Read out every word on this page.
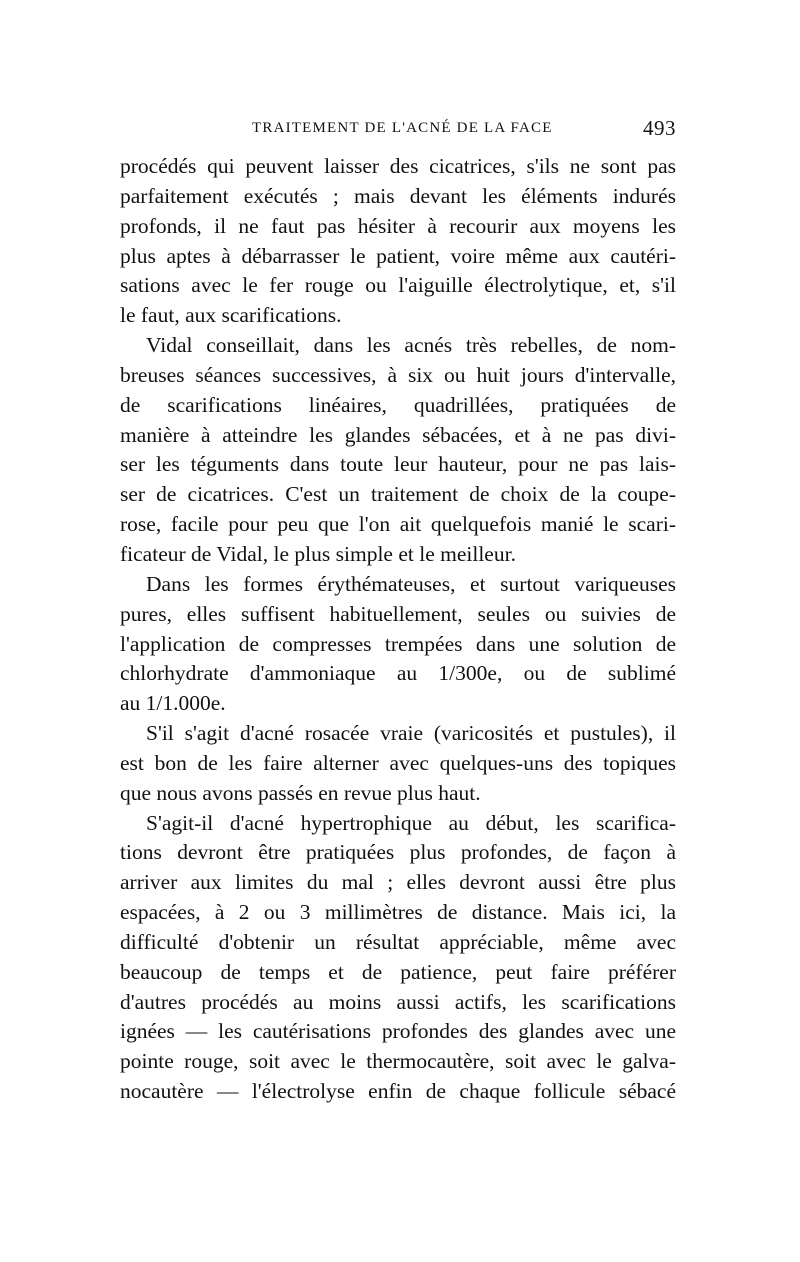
TRAITEMENT DE L'ACNÉ DE LA FACE	493
procédés qui peuvent laisser des cicatrices, s'ils ne sont pas
parfaitement exécutés ; mais devant les éléments indurés
profonds, il ne faut pas hésiter à recourir aux moyens les
plus aptes à débarrasser le patient, voire même aux cautéri-
sations avec le fer rouge ou l'aiguille électrolytique, et, s'il
le faut, aux scarifications.
Vidal conseillait, dans les acnés très rebelles, de nom-
breuses séances successives, à six ou huit jours d'intervalle,
de scarifications linéaires, quadrillées, pratiquées de
manière à atteindre les glandes sébacées, et à ne pas divi-
ser les téguments dans toute leur hauteur, pour ne pas lais-
ser de cicatrices. C'est un traitement de choix de la coupe-
rose, facile pour peu que l'on ait quelquefois manié le scari-
ficateur de Vidal, le plus simple et le meilleur.
Dans les formes érythémateuses, et surtout variqueuses
pures, elles suffisent habituellement, seules ou suivies de
l'application de compresses trempées dans une solution de
chlorhydrate d'ammoniaque au 1/300e, ou de sublimé
au 1/1.000e.
S'il s'agit d'acné rosacée vraie (varicosités et pustules), il
est bon de les faire alterner avec quelques-uns des topiques
que nous avons passés en revue plus haut.
S'agit-il d'acné hypertrophique au début, les scarifica-
tions devront être pratiquées plus profondes, de façon à
arriver aux limites du mal ; elles devront aussi être plus
espacées, à 2 ou 3 millimètres de distance. Mais ici, la
difficulté d'obtenir un résultat appréciable, même avec
beaucoup de temps et de patience, peut faire préférer
d'autres procédés au moins aussi actifs, les scarifications
ignées — les cautérisations profondes des glandes avec une
pointe rouge, soit avec le thermocautère, soit avec le galva-
nocautère — l'électrolyse enfin de chaque follicule sébacé
